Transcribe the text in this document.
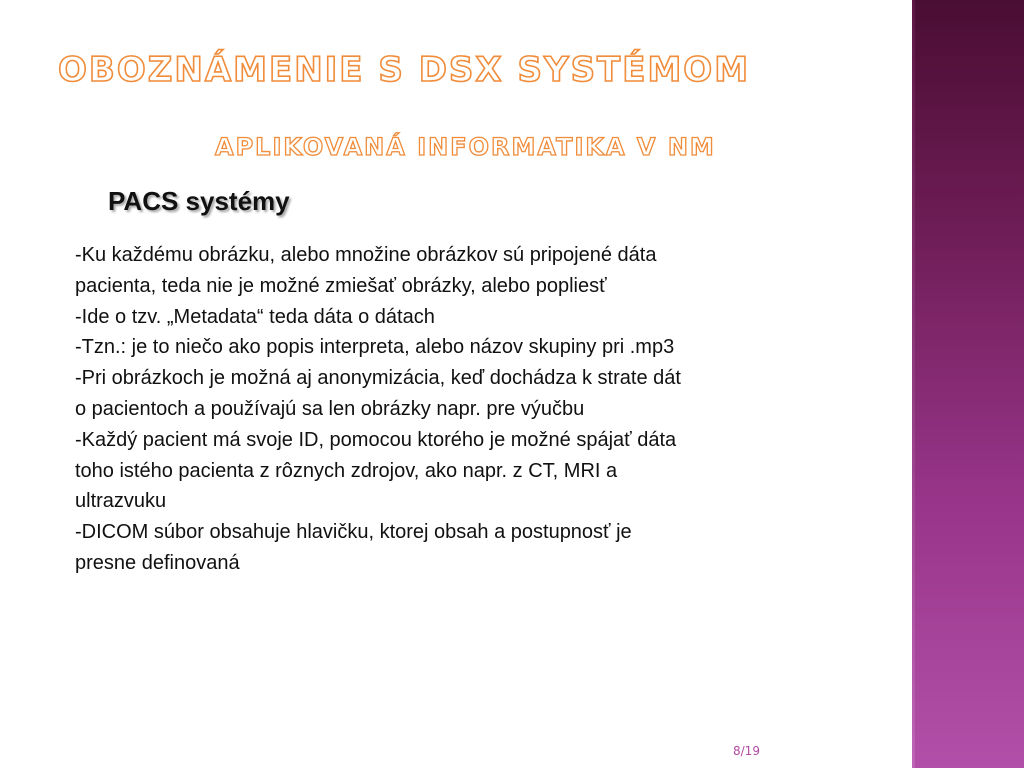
OBOZNÁMENIE S DSX SYSTÉMOM
APLIKOVANÁ INFORMATIKA V NM
PACS systémy
-Ku každému obrázku, alebo množine obrázkov sú pripojené dáta
pacienta, teda nie je možné zmiešať obrázky, alebo popliesť
-Ide o tzv. „Metadata“ teda dáta o dátach
-Tzn.: je to niečo ako popis interpreta, alebo názov skupiny pri .mp3
-Pri obrázkoch je možná aj anonymizácia, keď dochádza k strate dát
o pacientoch a používajú sa len obrázky napr. pre výučbu
-Každý pacient má svoje ID, pomocou ktorého je možné spájať dáta
toho istého pacienta z rôznych zdrojov, ako napr. z CT, MRI a
ultrazvuku
-DICOM súbor obsahuje hlavičku, ktorej obsah a postupnosť je
presne definovaná
8/19
